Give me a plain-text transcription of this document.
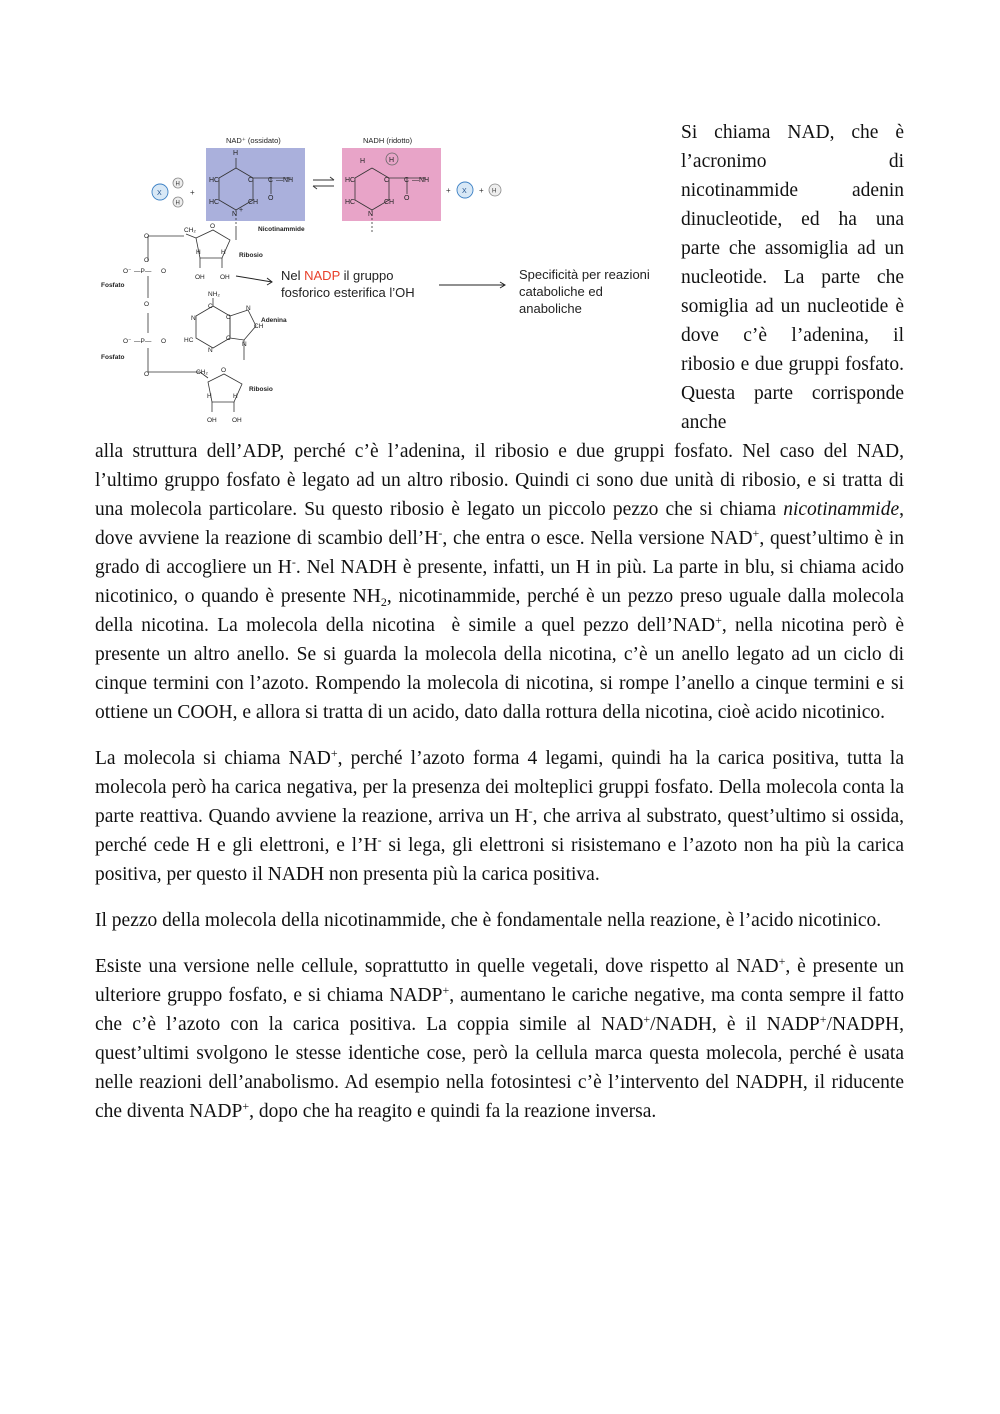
NAD⁺ (ossidato)	NADH (ridotto)
H
HC	C C —NH
O
HC	CH
N
+
H	H
HC	C C —NH
O
HC	CH
N
X
H
H
+	+ X + H
Nicotinammide
CH₂
O
H	H
OH OH
Ribosio
O
O⁻ —P— O
O
O
O⁻ —P— O
O
Fosfato
Fosfato
NH₂
C
N
HC
N
C
C
N
CH
N
Adenina
CH₂ O
H	H
OH OH
Ribosio
Nel NADP il gruppo
fosforico esterifica l’OH
Specificità per reazioni
cataboliche ed
anaboliche
Si chiama NAD, che è l’acronimo di nicotinammide adenin dinucleotide, ed ha una parte che assomiglia ad un nucleotide. La parte che somiglia ad un nucleotide è dove c’è l’adenina, il ribosio e due gruppi fosfato. Questa parte corrisponde anche

alla struttura dell’ADP, perché c’è l’adenina, il ribosio e due gruppi fosfato. Nel caso del NAD, l’ultimo gruppo fosfato è legato ad un altro ribosio. Quindi ci sono due unità di ribosio, e si tratta di una molecola particolare. Su questo ribosio è legato un piccolo pezzo che si chiama nicotinammide, dove avviene la reazione di scambio dell’H-, che entra o esce. Nella versione NAD+, quest’ultimo è in grado di accogliere un H-. Nel NADH è presente, infatti, un H in più. La parte in blu, si chiama acido nicotinico, o quando è presente $NH_2$, nicotinammide, perché è un pezzo preso uguale dalla molecola della nicotina. La molecola della nicotina  è simile a quel pezzo dell’NAD+, nella nicotina però è presente un altro anello. Se si guarda la molecola della nicotina, c’è un anello legato ad un ciclo di cinque termini con l’azoto. Rompendo la molecola di nicotina, si rompe l’anello a cinque termini e si ottiene un COOH, e allora si tratta di un acido, dato dalla rottura della nicotina, cioè acido nicotinico.

La molecola si chiama NAD+, perché l’azoto forma 4 legami, quindi ha la carica positiva, tutta la molecola però ha carica negativa, per la presenza dei molteplici gruppi fosfato. Della molecola conta la parte reattiva. Quando avviene la reazione, arriva un H-, che arriva al substrato, quest’ultimo si ossida, perché cede H e gli elettroni, e l’H- si lega, gli elettroni si risistemano e l’azoto non ha più la carica positiva, per questo il NADH non presenta più la carica positiva.

Il pezzo della molecola della nicotinammide, che è fondamentale nella reazione, è l’acido nicotinico.

Esiste una versione nelle cellule, soprattutto in quelle vegetali, dove rispetto al NAD+, è presente un ulteriore gruppo fosfato, e si chiama NADP+, aumentano le cariche negative, ma conta sempre il fatto che c’è l’azoto con la carica positiva. La coppia simile al NAD+/NADH, è il NADP+/NADPH, quest’ultimi svolgono le stesse identiche cose, però la cellula marca questa molecola, perché è usata nelle reazioni dell’anabolismo. Ad esempio nella fotosintesi c’è l’intervento del NADPH, il riducente che diventa NADP+, dopo che ha reagito e quindi fa la reazione inversa.
